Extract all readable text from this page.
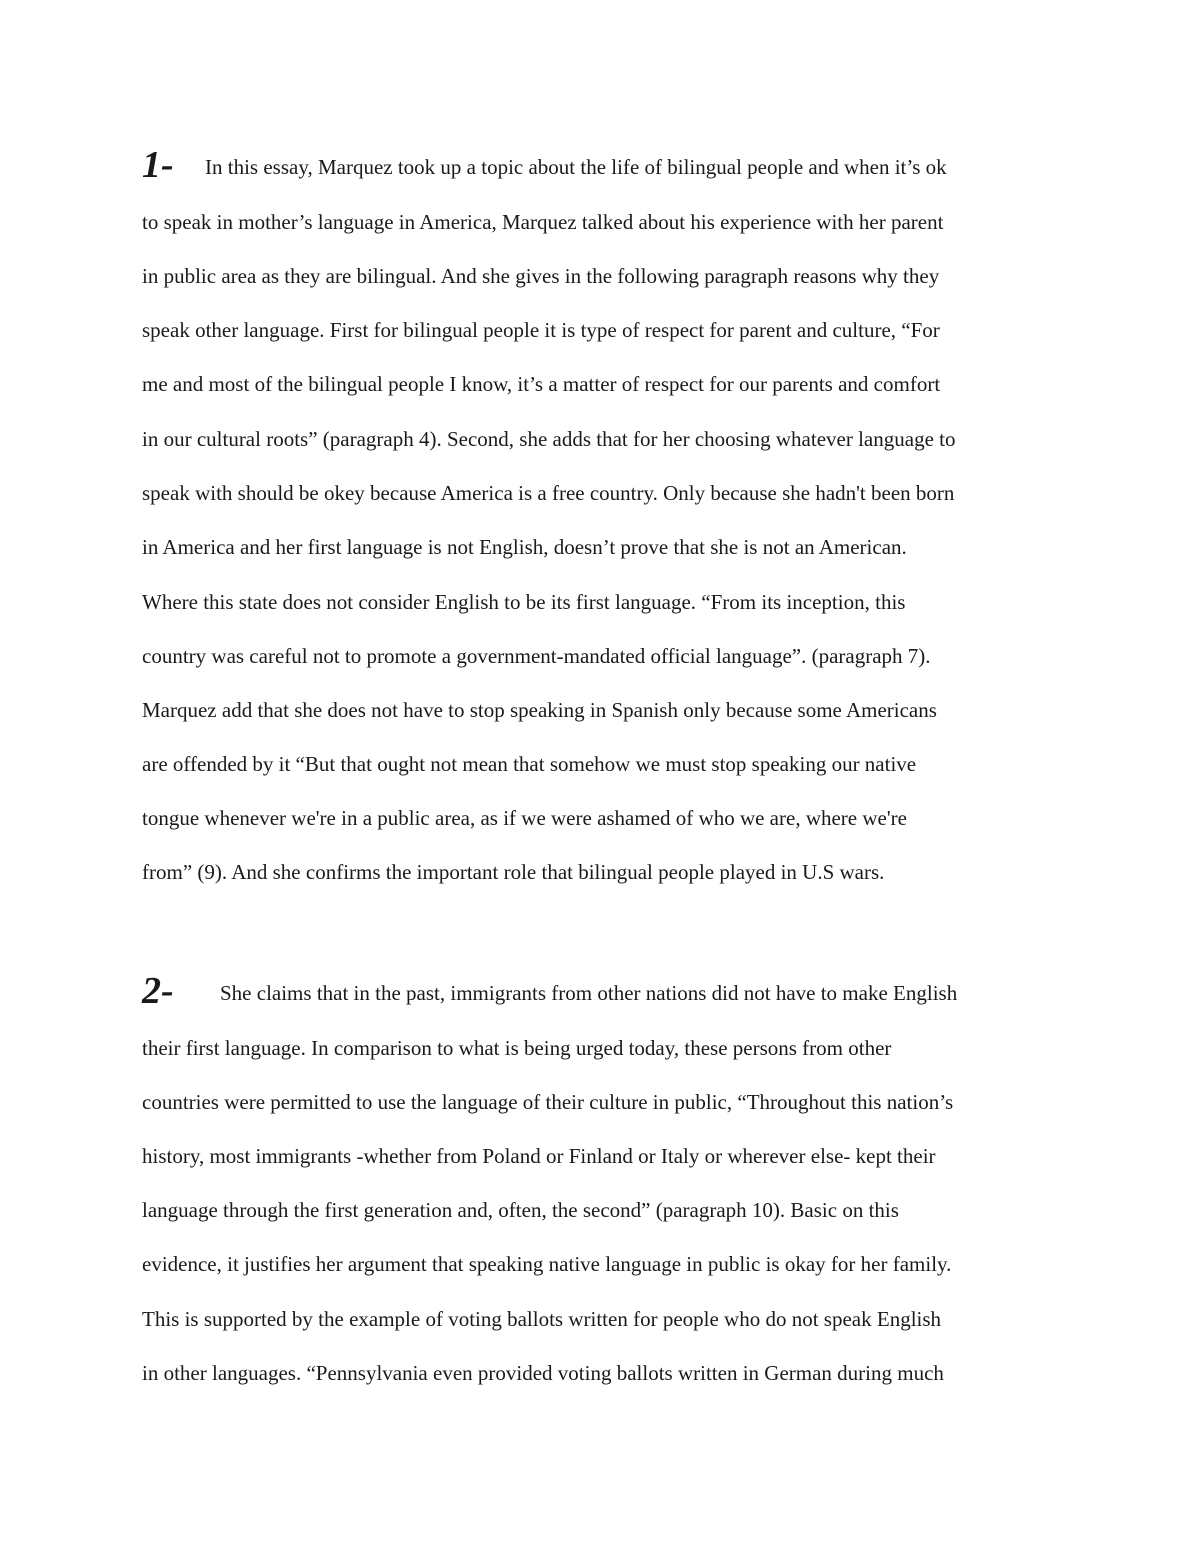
1- In this essay, Marquez took up a topic about the life of bilingual people and when it’s ok
to speak in mother’s language in America, Marquez talked about his experience with her parent
in public area as they are bilingual. And she gives in the following paragraph reasons why they
speak other language. First for bilingual people it is type of respect for parent and culture, “For
me and most of the bilingual people I know, it’s a matter of respect for our parents and comfort
in our cultural roots” (paragraph 4). Second, she adds that for her choosing whatever language to
speak with should be okey because America is a free country. Only because she hadn't been born
in America and her first language is not English, doesn’t prove that she is not an American.
Where this state does not consider English to be its first language. “From its inception, this
country was careful not to promote a government-mandated official language”. (paragraph 7).
Marquez add that she does not have to stop speaking in Spanish only because some Americans
are offended by it “But that ought not mean that somehow we must stop speaking our native
tongue whenever we're in a public area, as if we were ashamed of who we are, where we're
from” (9). And she confirms the important role that bilingual people played in U.S wars.
2- She claims that in the past, immigrants from other nations did not have to make English
their first language. In comparison to what is being urged today, these persons from other
countries were permitted to use the language of their culture in public, “Throughout this nation’s
history, most immigrants -whether from Poland or Finland or Italy or wherever else- kept their
language through the first generation and, often, the second” (paragraph 10). Basic on this
evidence, it justifies her argument that speaking native language in public is okay for her family.
This is supported by the example of voting ballots written for people who do not speak English
in other languages. “Pennsylvania even provided voting ballots written in German during much
